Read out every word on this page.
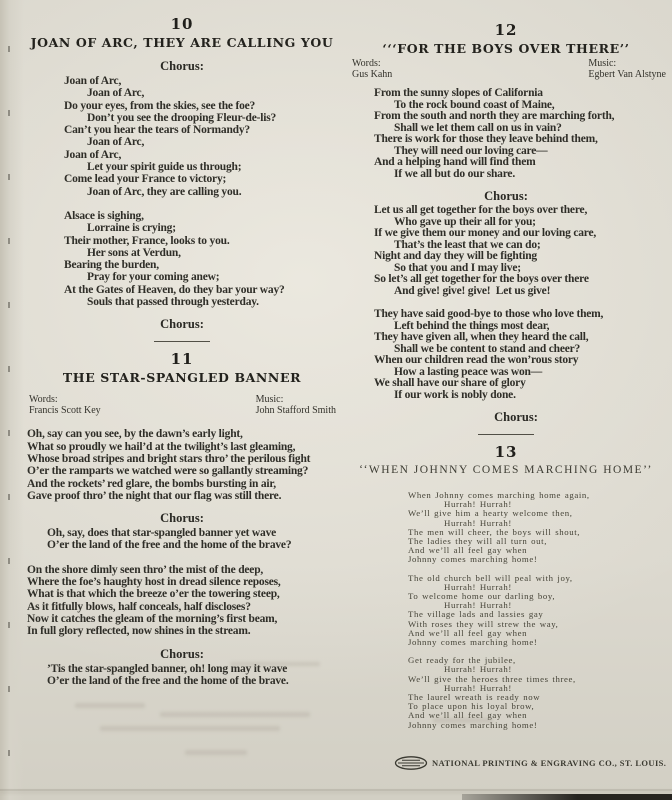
10
JOAN OF ARC, THEY ARE CALLING YOU
Chorus:
Joan of Arc,
Joan of Arc,
Do your eyes, from the skies, see the foe?
Don’t you see the drooping Fleur-de-lis?
Can’t you hear the tears of Normandy?
Joan of Arc,
Joan of Arc,
Let your spirit guide us through;
Come lead your France to victory;
Joan of Arc, they are calling you.
Alsace is sighing,
Lorraine is crying;
Their mother, France, looks to you.
Her sons at Verdun,
Bearing the burden,
Pray for your coming anew;
At the Gates of Heaven, do they bar your way?
Souls that passed through yesterday.
Chorus:
11
THE STAR-SPANGLED BANNER
Words:
Francis Scott Key
Music:
John Stafford Smith
Oh, say can you see, by the dawn’s early light,
What so proudly we hail’d at the twilight’s last gleaming,
Whose broad stripes and bright stars thro’ the perilous fight
O’er the ramparts we watched were so gallantly streaming?
And the rockets’ red glare, the bombs bursting in air,
Gave proof thro’ the night that our flag was still there.
Chorus:
Oh, say, does that star-spangled banner yet wave
O’er the land of the free and the home of the brave?
On the shore dimly seen thro’ the mist of the deep,
Where the foe’s haughty host in dread silence reposes,
What is that which the breeze o’er the towering steep,
As it fitfully blows, half conceals, half discloses?
Now it catches the gleam of the morning’s first beam,
In full glory reflected, now shines in the stream.
Chorus:
’Tis the star-spangled banner, oh! long may it wave
O’er the land of the free and the home of the brave.
12
‘‘‘FOR THE BOYS OVER THERE’’
Words:
Gus Kahn
Music:
Egbert Van Alstyne
From the sunny slopes of California
To the rock bound coast of Maine,
From the south and north they are marching forth,
Shall we let them call on us in vain?
There is work for those they leave behind them,
They will need our loving care—
And a helping hand will find them
If we all but do our share.
Chorus:
Let us all get together for the boys over there,
Who gave up their all for you;
If we give them our money and our loving care,
That’s the least that we can do;
Night and day they will be fighting
So that you and I may live;
So let’s all get together for the boys over there
And give! give! give!  Let us give!
They have said good-bye to those who love them,
Left behind the things most dear,
They have given all, when they heard the call,
Shall we be content to stand and cheer?
When our children read the won’rous story
How a lasting peace was won—
We shall have our share of glory
If our work is nobly done.
Chorus:
13
‘‘WHEN JOHNNY COMES MARCHING HOME’’
When Johnny comes marching home again,
Hurrah! Hurrah!
We’ll give him a hearty welcome then,
Hurrah! Hurrah!
The men will cheer, the boys will shout,
The ladies they will all turn out,
And we’ll all feel gay when
Johnny comes marching home!
The old church bell will peal with joy,
Hurrah! Hurrah!
To welcome home our darling boy,
Hurrah! Hurrah!
The village lads and lassies gay
With roses they will strew the way,
And we’ll all feel gay when
Johnny comes marching home!
Get ready for the jubilee,
Hurrah! Hurrah!
We’ll give the heroes three times three,
Hurrah! Hurrah!
The laurel wreath is ready now
To place upon his loyal brow,
And we’ll all feel gay when
Johnny comes marching home!
NATIONAL PRINTING & ENGRAVING CO., ST. LOUIS.
